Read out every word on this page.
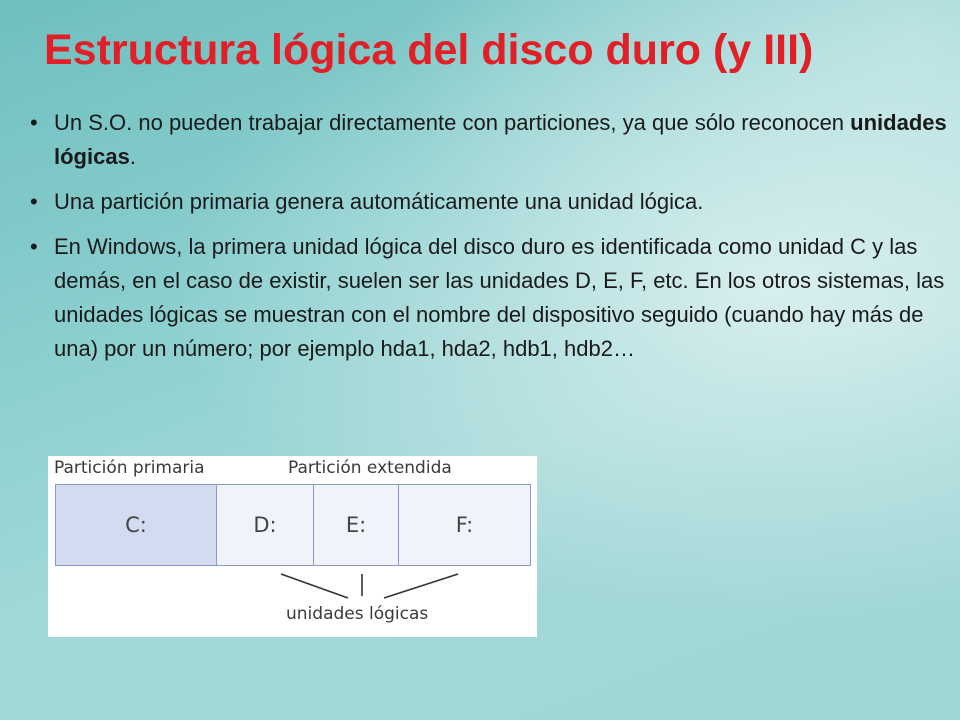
Estructura lógica del disco duro (y III)
• Un S.O. no pueden trabajar directamente con particiones, ya que sólo reconocen unidades lógicas.
• Una partición primaria genera automáticamente una unidad lógica.
• En Windows, la primera unidad lógica del disco duro es identificada como unidad C y las demás, en el caso de existir, suelen ser las unidades D, E, F, etc. En los otros sistemas, las unidades lógicas se muestran con el nombre del dispositivo seguido (cuando hay más de una) por un número; por ejemplo hda1, hda2, hdb1, hdb2…
Partición primaria	Partición extendida
C:	D:	E:	F:
unidades lógicas
